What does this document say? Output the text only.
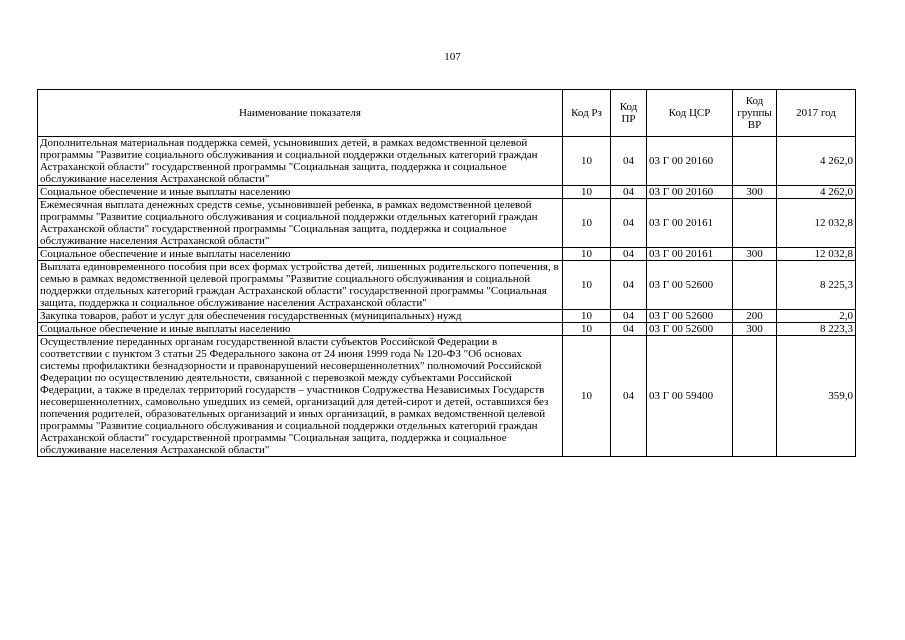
107
Наименование показателя	Код Рз	Код ПР	Код ЦСР	Код группы ВР	2017 год
Дополнительная материальная поддержка семей, усыновивших детей, в рамках ведомственной целевой программы "Развитие социального обслуживания и социальной поддержки отдельных категорий граждан Астраханской области" государственной программы "Социальная защита, поддержка и социальное обслуживание населения Астраханской области"	10	04	03 Г 00 20160		4 262,0
Социальное обеспечение и иные выплаты населению	10	04	03 Г 00 20160	300	4 262,0
Ежемесячная выплата денежных средств семье, усыновившей ребенка, в рамках ведомственной целевой программы "Развитие социального обслуживания и социальной поддержки отдельных категорий граждан Астраханской области" государственной программы "Социальная защита, поддержка и социальное обслуживание населения Астраханской области"	10	04	03 Г 00 20161		12 032,8
Социальное обеспечение и иные выплаты населению	10	04	03 Г 00 20161	300	12 032,8
Выплата единовременного пособия при всех формах устройства детей, лишенных родительского попечения, в семью в рамках ведомственной целевой программы "Развитие социального обслуживания и социальной поддержки отдельных категорий граждан Астраханской области" государственной программы "Социальная защита, поддержка и социальное обслуживание населения Астраханской области"	10	04	03 Г 00 52600		8 225,3
Закупка товаров, работ и услуг для обеспечения государственных (муниципальных) нужд	10	04	03 Г 00 52600	200	2,0
Социальное обеспечение и иные выплаты населению	10	04	03 Г 00 52600	300	8 223,3
Осуществление переданных органам государственной власти субъектов Российской Федерации в соответствии с пунктом 3 статьи 25 Федерального закона от 24 июня 1999 года № 120-ФЗ "Об основах системы профилактики безнадзорности и правонарушений несовершеннолетних" полномочий Российской Федерации по осуществлению деятельности, связанной с перевозкой между субъектами Российской Федерации, а также в пределах территорий государств – участников Содружества Независимых Государств несовершеннолетних, самовольно ушедших из семей, организаций для детей-сирот и детей, оставшихся без попечения родителей, образовательных организаций и иных организаций, в рамках ведомственной целевой программы "Развитие социального обслуживания и социальной поддержки отдельных категорий граждан Астраханской области" государственной программы "Социальная защита, поддержка и социальное обслуживание населения Астраханской области"	10	04	03 Г 00 59400		359,0
